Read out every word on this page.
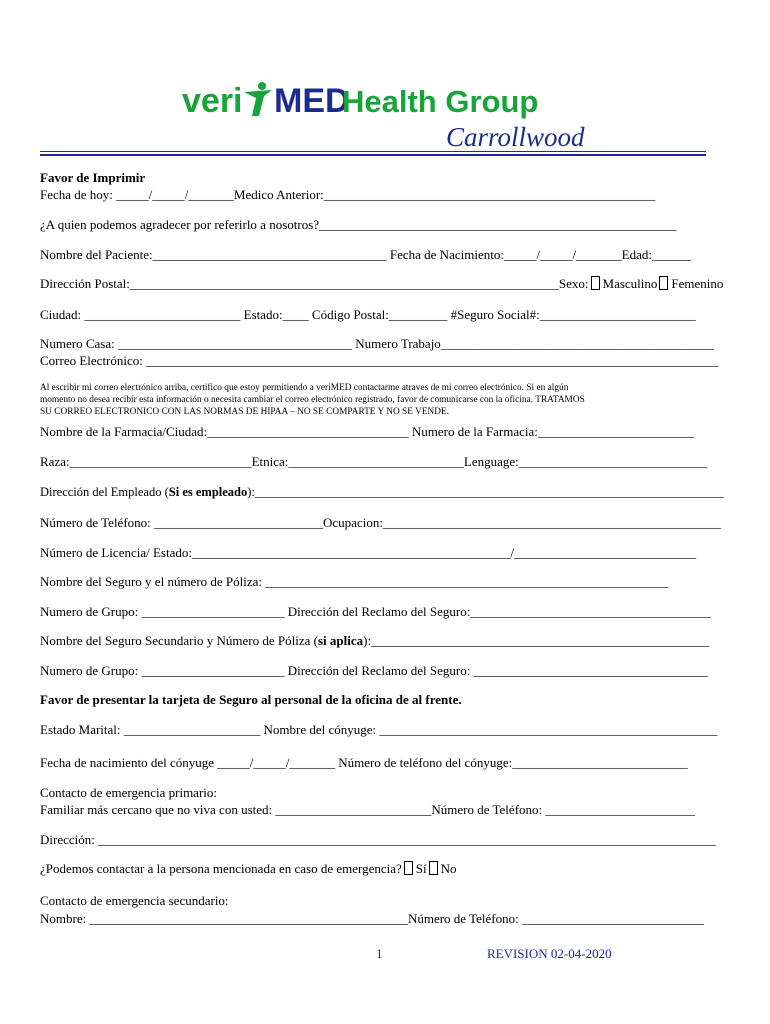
veri MED
Health Group
Carrollwood
Favor de Imprimir
Fecha de hoy: _____/_____/_______Medico Anterior:___________________________________________________
¿A quien podemos agradecer por referirlo a nosotros?_______________________________________________________
Nombre del Paciente:____________________________________ Fecha de Nacimiento:_____/_____/_______Edad:______
Dirección Postal:__________________________________________________________________Sexo: Masculino Femenino
Ciudad: ________________________ Estado:____ Código Postal:_________ #Seguro Social#:________________________
Numero Casa: ____________________________________ Numero Trabajo__________________________________________
Correo Electrónico: ________________________________________________________________________________________
Al escribir mi correo electrónico arriba, certifico que estoy permitiendo a veriMED contactarme atraves de mi correo electrónico. Si en algún
momento no desea recibir esta información o necesita cambiar el correo electrónico registrado, favor de comunicarse con la oficina. TRATAMOS
SU CORREO ELECTRONICO CON LAS NORMAS DE HIPAA – NO SE COMPARTE Y NO SE VENDE.
Nombre de la Farmacia/Ciudad:_______________________________ Numero de la Farmacia:________________________
Raza:____________________________Etnica:___________________________Lenguage:_____________________________
Dirección del Empleado (Si es empleado):___________________________________________________________________________
Número de Teléfono: __________________________Ocupacion:____________________________________________________
Número de Licencia/ Estado:_________________________________________________/____________________________
Nombre del Seguro y el número de Póliza: ______________________________________________________________
Numero de Grupo: ______________________ Dirección del Reclamo del Seguro:_____________________________________
Nombre del Seguro Secundario y Número de Póliza (si aplica):____________________________________________________
Numero de Grupo: ______________________ Dirección del Reclamo del Seguro: ____________________________________
Favor de presentar la tarjeta de Seguro al personal de la oficina de al frente.
Estado Marital: _____________________ Nombre del cónyuge: ____________________________________________________
Fecha de nacimiento del cónyuge _____/_____/_______ Número de teléfono del cónyuge:___________________________
Contacto de emergencia primario:
Familiar más cercano que no viva con usted: ________________________Número de Teléfono: _______________________
Dirección: _______________________________________________________________________________________________
¿Podemos contactar a la persona mencionada en caso de emergencia? Sí No
Contacto de emergencia secundario:
Nombre: _________________________________________________Número de Teléfono: ____________________________
1	REVISION 02-04-2020
